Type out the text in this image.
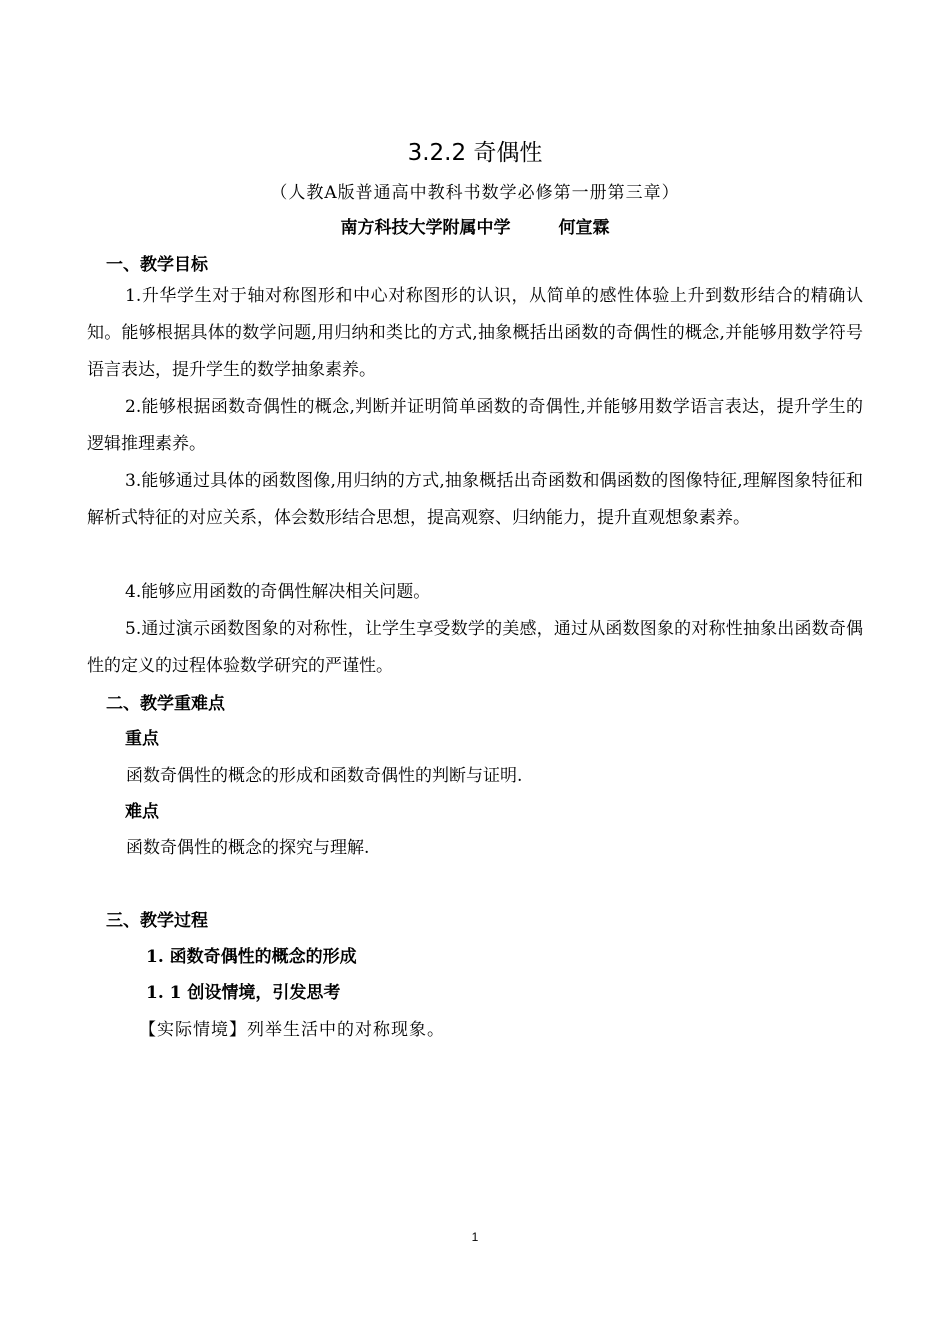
3.2.2 奇偶性
（人教A版普通高中教科书数学必修第一册第三章）
南方科技大学附属中学	何宣霖
一、教学目标
1.升华学生对于轴对称图形和中心对称图形的认识，从简单的感性体验上升到数形结合的精确认知。能够根据具体的数学问题,用归纳和类比的方式,抽象概括出函数的奇偶性的概念,并能够用数学符号语言表达，提升学生的数学抽象素养。
2.能够根据函数奇偶性的概念,判断并证明简单函数的奇偶性,并能够用数学语言表达，提升学生的逻辑推理素养。
3.能够通过具体的函数图像,用归纳的方式,抽象概括出奇函数和偶函数的图像特征,理解图象特征和解析式特征的对应关系，体会数形结合思想，提高观察、归纳能力，提升直观想象素养。
4.能够应用函数的奇偶性解决相关问题。
5.通过演示函数图象的对称性，让学生享受数学的美感，通过从函数图象的对称性抽象出函数奇偶性的定义的过程体验数学研究的严谨性。
二、教学重难点
重点
函数奇偶性的概念的形成和函数奇偶性的判断与证明.
难点
函数奇偶性的概念的探究与理解.
三、教学过程
1. 函数奇偶性的概念的形成
1. 1 创设情境，引发思考
【实际情境】列举生活中的对称现象。
1
